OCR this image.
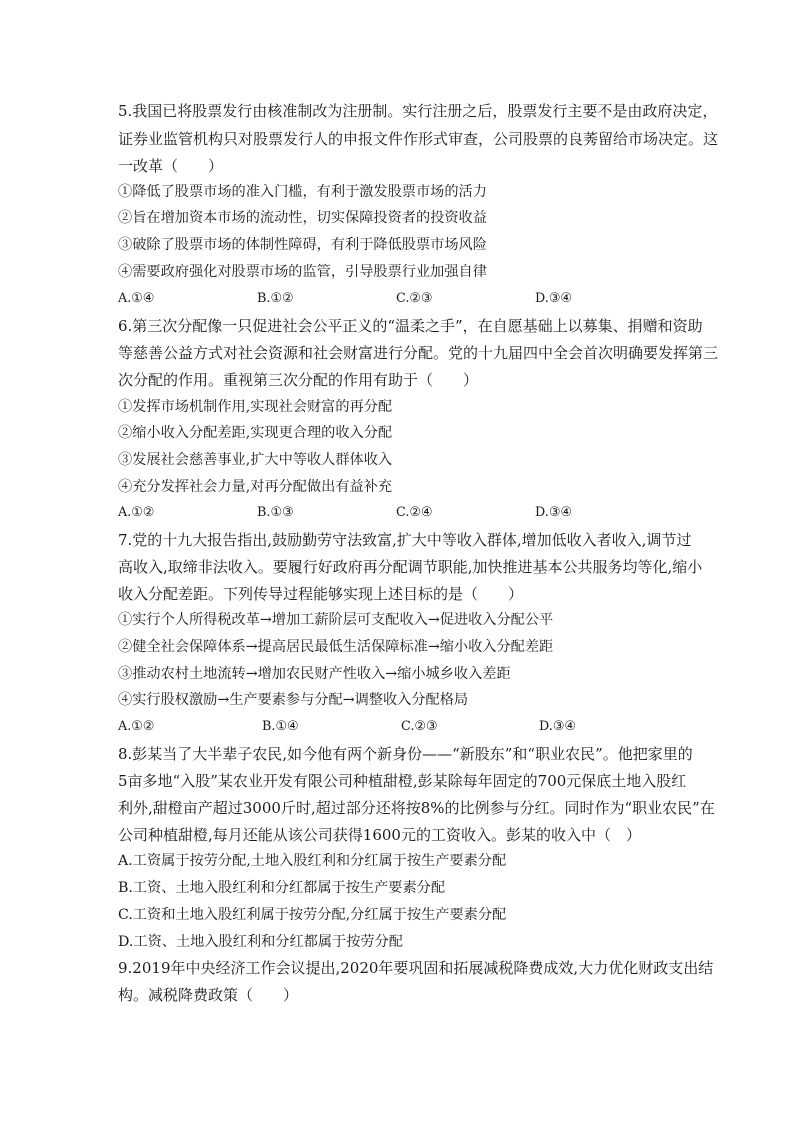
5.我国已将股票发行由核准制改为注册制。实行注册之后，股票发行主要不是由政府决定，
证券业监管机构只对股票发行人的申报文件作形式审查，公司股票的良莠留给市场决定。这
一改革（　　）
①降低了股票市场的准入门槛，有利于激发股票市场的活力
②旨在增加资本市场的流动性，切实保障投资者的投资收益
③破除了股票市场的体制性障碍，有利于降低股票市场风险
④需要政府强化对股票市场的监管，引导股票行业加强自律
A.①④	B.①②	C.②③	D.③④
6.第三次分配像一只促进社会公平正义的“温柔之手”，在自愿基础上以募集、捐赠和资助
等慈善公益方式对社会资源和社会财富进行分配。党的十九届四中全会首次明确要发挥第三
次分配的作用。重视第三次分配的作用有助于（　　）
①发挥市场机制作用,实现社会财富的再分配
②缩小收入分配差距,实现更合理的收入分配
③发展社会慈善事业,扩大中等收人群体收入
④充分发挥社会力量,对再分配做出有益补充
A.①②	B.①③	C.②④	D.③④
7.党的十九大报告指出,鼓励勤劳守法致富,扩大中等收入群体,增加低收入者收入,调节过
高收入,取缔非法收入。要履行好政府再分配调节职能,加快推进基本公共服务均等化,缩小
收入分配差距。下列传导过程能够实现上述目标的是（　　）
①实行个人所得税改革→增加工薪阶层可支配收入→促进收入分配公平
②健全社会保障体系→提高居民最低生活保障标准→缩小收入分配差距
③推动农村土地流转→增加农民财产性收入→缩小城乡收入差距
④实行股权激励→生产要素参与分配→调整收入分配格局
A.①②	B.①④	C.②③	D.③④
8.彭某当了大半辈子农民,如今他有两个新身份——“新股东”和“职业农民”。他把家里的
5亩多地“入股”某农业开发有限公司种植甜橙,彭某除每年固定的700元保底土地入股红
利外,甜橙亩产超过3000斤时,超过部分还将按8%的比例参与分红。同时作为“职业农民”在
公司种植甜橙,每月还能从该公司获得1600元的工资收入。彭某的收入中（　）
A.工资属于按劳分配,土地入股红利和分红属于按生产要素分配
B.工资、土地入股红利和分红都属于按生产要素分配
C.工资和土地入股红利属于按劳分配,分红属于按生产要素分配
D.工资、土地入股红利和分红都属于按劳分配
9.2019年中央经济工作会议提出,2020年要巩固和拓展减税降费成效,大力优化财政支出结
构。减税降费政策（　　）
